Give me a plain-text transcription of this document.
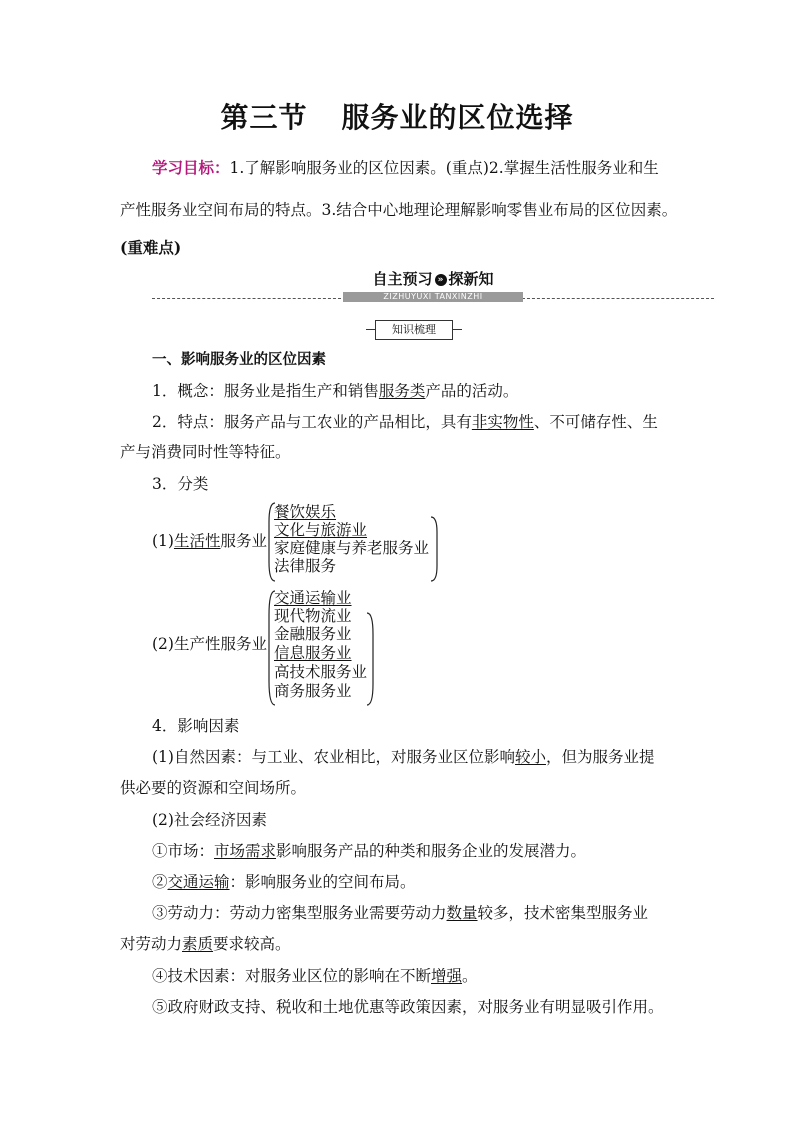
第三节 服务业的区位选择
学习目标：1.了解影响服务业的区位因素。(重点)2.掌握生活性服务业和生
产性服务业空间布局的特点。3.结合中心地理论理解影响零售业布局的区位因素。
(重难点)
自主预习 » 探新知
ZIZHUYUXI TANXINZHI
知识梳理
一、影响服务业的区位因素
1．概念：服务业是指生产和销售服务类产品的活动。
2．特点：服务产品与工农业的产品相比，具有非实物性、不可储存性、生
产与消费同时性等特征。
3．分类
(1)生活性服务业
餐饮娱乐
文化与旅游业
家庭健康与养老服务业
法律服务
(2)生产性服务业
交通运输业
现代物流业
金融服务业
信息服务业
高技术服务业
商务服务业
4．影响因素
(1)自然因素：与工业、农业相比，对服务业区位影响较小，但为服务业提
供必要的资源和空间场所。
(2)社会经济因素
①市场：市场需求影响服务产品的种类和服务企业的发展潜力。
②交通运输：影响服务业的空间布局。
③劳动力：劳动力密集型服务业需要劳动力数量较多，技术密集型服务业
对劳动力素质要求较高。
④技术因素：对服务业区位的影响在不断增强。
⑤政府财政支持、税收和土地优惠等政策因素，对服务业有明显吸引作用。
